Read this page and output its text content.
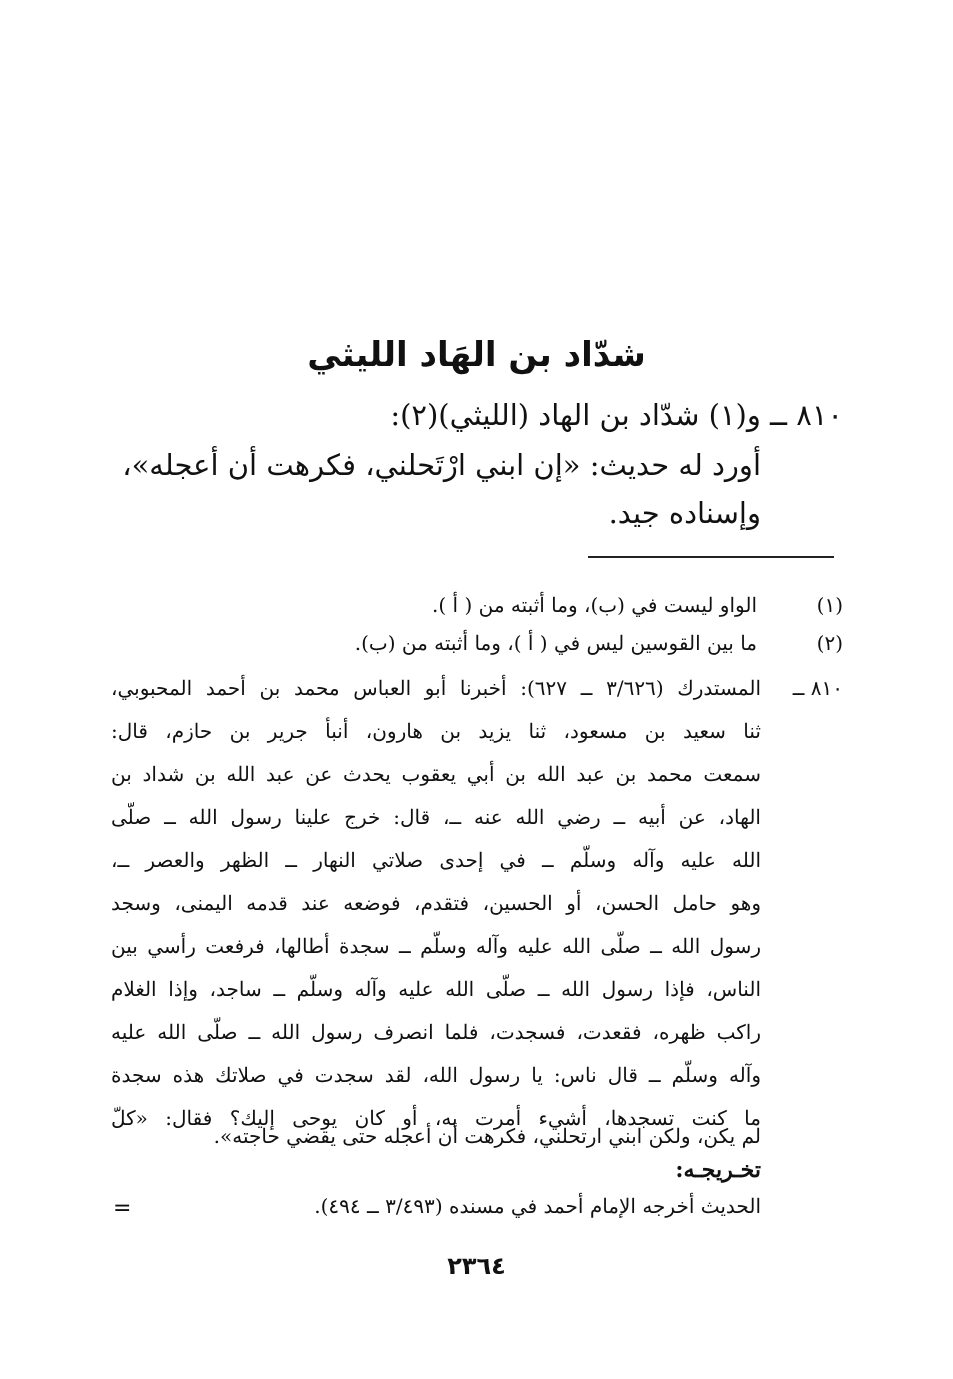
شدّاد بن الهَاد الليثي
٨١٠ ــ و(١) شدّاد بن الهاد (الليثي)(٢):
أورد له حديث: «إن ابني ارْتَحلني، فكرهت أن أعجله»،
وإسناده جيد.
(١)
الواو ليست في (ب)، وما أثبته من ( أ ).
(٢)
ما بين القوسين ليس في ( أ )، وما أثبته من (ب).
٨١٠ ــ
المستدرك (٣/٦٢٦ ــ ٦٢٧): أخبرنا أبو العباس محمد بن أحمد المحبوبي،
ثنا سعيد بن مسعود، ثنا يزيد بن هارون، أنبأ جرير بن حازم، قال:
سمعت محمد بن عبد الله بن أبي يعقوب يحدث عن عبد الله بن شداد بن
الهاد، عن أبيه ــ رضي الله عنه ــ، قال: خرج علينا رسول الله ــ صلّى
الله عليه وآله وسلّم ــ في إحدى صلاتي النهار ــ الظهر والعصر ــ،
وهو حامل الحسن، أو الحسين، فتقدم، فوضعه عند قدمه اليمنى، وسجد
رسول الله ــ صلّى الله عليه وآله وسلّم ــ سجدة أطالها، فرفعت رأسي بين
الناس، فإذا رسول الله ــ صلّى الله عليه وآله وسلّم ــ ساجد، وإذا الغلام
راكب ظهره، فقعدت، فسجدت، فلما انصرف رسول الله ــ صلّى الله عليه
وآله وسلّم ــ قال ناس: يا رسول الله، لقد سجدت في صلاتك هذه سجدة
ما كنت تسجدها، أشيء أمرت به، أو كان يوحى إليك؟ فقال: «كلّ
لم يكن، ولكن ابني ارتحلني، فكرهت أن أعجله حتى يقضي حاجته».
تخـريجـه:
الحديث أخرجه الإمام أحمد في مسنده (٣/٤٩٣ ــ ٤٩٤).
=
٢٣٦٤
